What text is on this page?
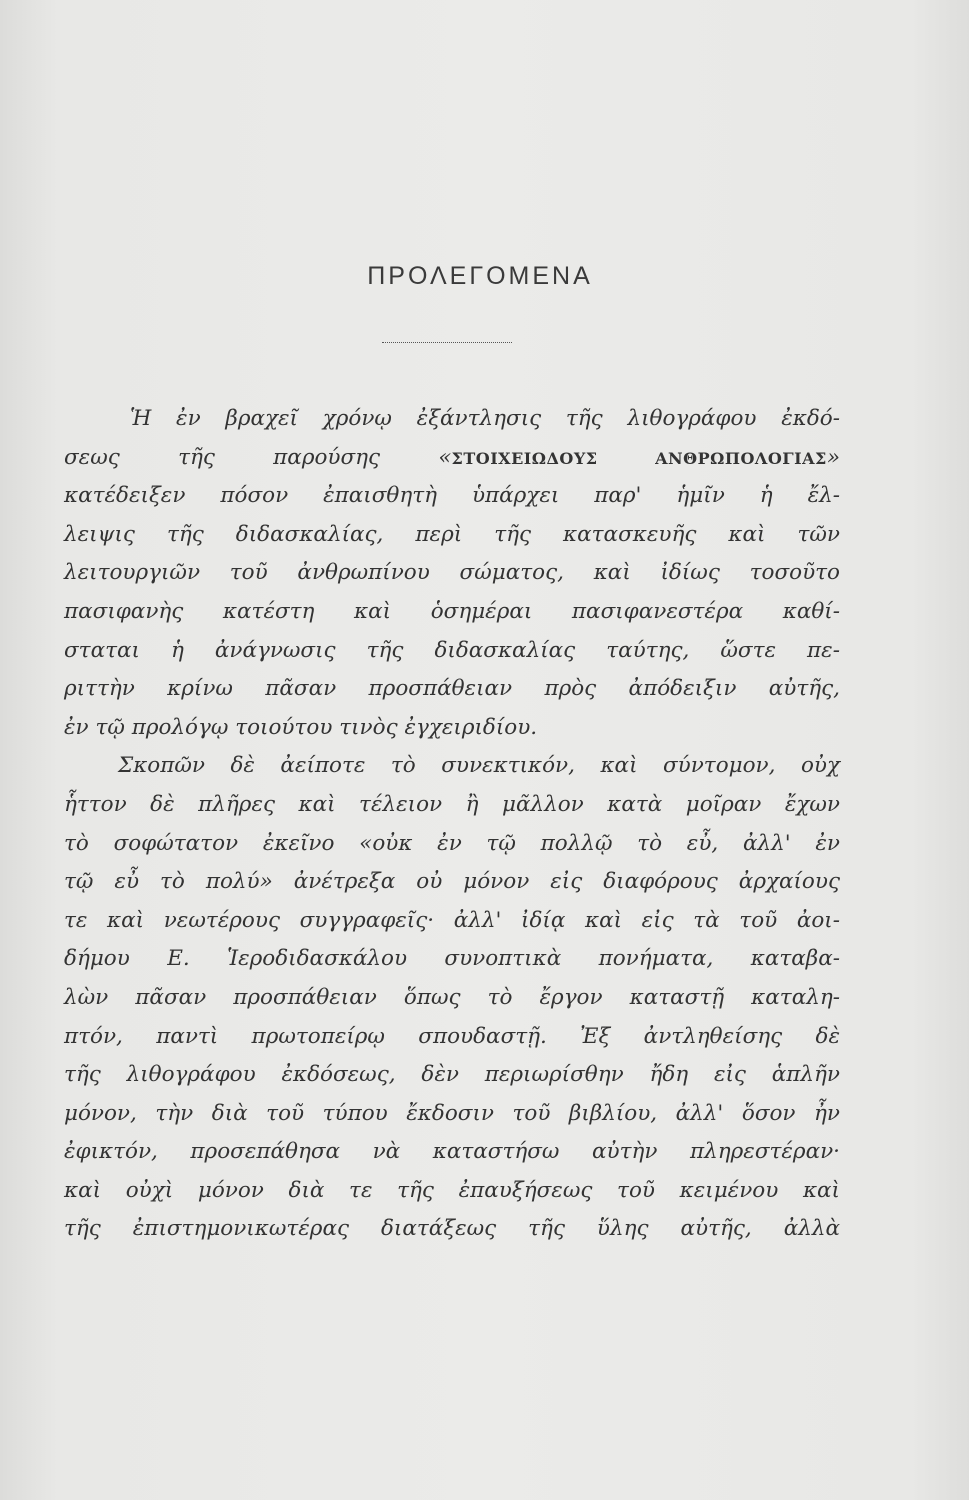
ΠΡΟΛΕΓΟΜΕΝΑ
Ἡ ἐν βραχεῖ χρόνῳ ἐξάντλησις τῆς λιθογράφου ἐκδό-
σεως τῆς παρούσης «ΣΤΟΙΧΕΙΩΔΟΥΣ ΑΝΘΡΩΠΟΛΟΓΙΑΣ»
κατέδειξεν πόσον ἐπαισθητὴ ὑπάρχει παρ' ἡμῖν ἡ ἔλ-
λειψις τῆς διδασκαλίας, περὶ τῆς κατασκευῆς καὶ τῶν
λειτουργιῶν τοῦ ἀνθρωπίνου σώματος, καὶ ἰδίως τοσοῦτο
πασιφανὴς κατέστη καὶ ὁσημέραι πασιφανεστέρα καθί-
σταται ἡ ἀνάγνωσις τῆς διδασκαλίας ταύτης, ὥστε πε-
ριττὴν κρίνω πᾶσαν προσπάθειαν πρὸς ἀπόδειξιν αὐτῆς,
ἐν τῷ προλόγῳ τοιούτου τινὸς ἐγχειριδίου.
Σκοπῶν δὲ ἀείποτε τὸ συνεκτικόν, καὶ σύντομον, οὐχ
ἧττον δὲ πλῆρες καὶ τέλειον ἢ μᾶλλον κατὰ μοῖραν ἔχων
τὸ σοφώτατον ἐκεῖνο «οὐκ ἐν τῷ πολλῷ τὸ εὖ, ἀλλ' ἐν
τῷ εὖ τὸ πολύ» ἀνέτρεξα οὐ μόνον εἰς διαφόρους ἀρχαίους
τε καὶ νεωτέρους συγγραφεῖς· ἀλλ' ἰδίᾳ καὶ εἰς τὰ τοῦ ἀοι-
δήμου Ε. Ἱεροδιδασκάλου συνοπτικὰ πονήματα, καταβα-
λὼν πᾶσαν προσπάθειαν ὅπως τὸ ἔργον καταστῇ καταλη-
πτόν, παντὶ πρωτοπείρῳ σπουδαστῇ. Ἐξ ἀντληθείσης δὲ
τῆς λιθογράφου ἐκδόσεως, δὲν περιωρίσθην ἤδη εἰς ἁπλῆν
μόνον, τὴν διὰ τοῦ τύπου ἔκδοσιν τοῦ βιβλίου, ἀλλ' ὅσον ἦν
ἐφικτόν, προσεπάθησα νὰ καταστήσω αὐτὴν πληρεστέραν·
καὶ οὐχὶ μόνον διὰ τε τῆς ἐπαυξήσεως τοῦ κειμένου καὶ
τῆς ἐπιστημονικωτέρας διατάξεως τῆς ὕλης αὐτῆς, ἀλλὰ
